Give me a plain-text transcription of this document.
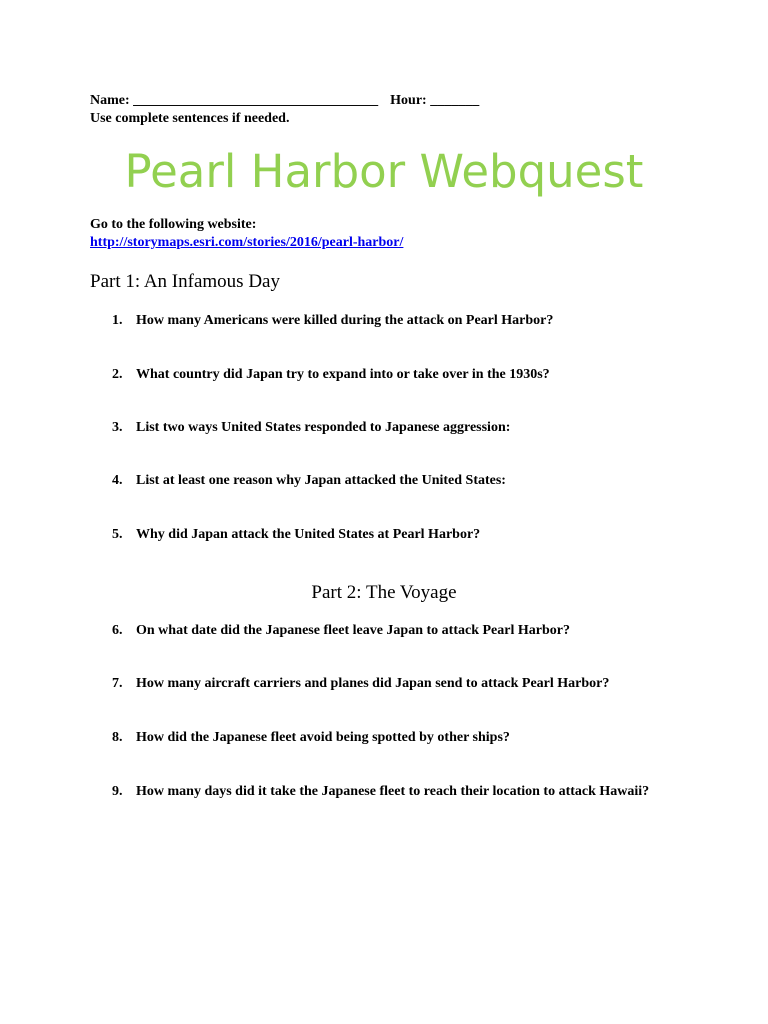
Name: ___________________________________ Hour: _______
Use complete sentences if needed.
Pearl Harbor Webquest
Go to the following website:
http://storymaps.esri.com/stories/2016/pearl-harbor/
Part 1: An Infamous Day
1. How many Americans were killed during the attack on Pearl Harbor?
2. What country did Japan try to expand into or take over in the 1930s?
3. List two ways United States responded to Japanese aggression:
4. List at least one reason why Japan attacked the United States:
5. Why did Japan attack the United States at Pearl Harbor?
Part 2: The Voyage
6. On what date did the Japanese fleet leave Japan to attack Pearl Harbor?
7. How many aircraft carriers and planes did Japan send to attack Pearl Harbor?
8. How did the Japanese fleet avoid being spotted by other ships?
9. How many days did it take the Japanese fleet to reach their location to attack Hawaii?
